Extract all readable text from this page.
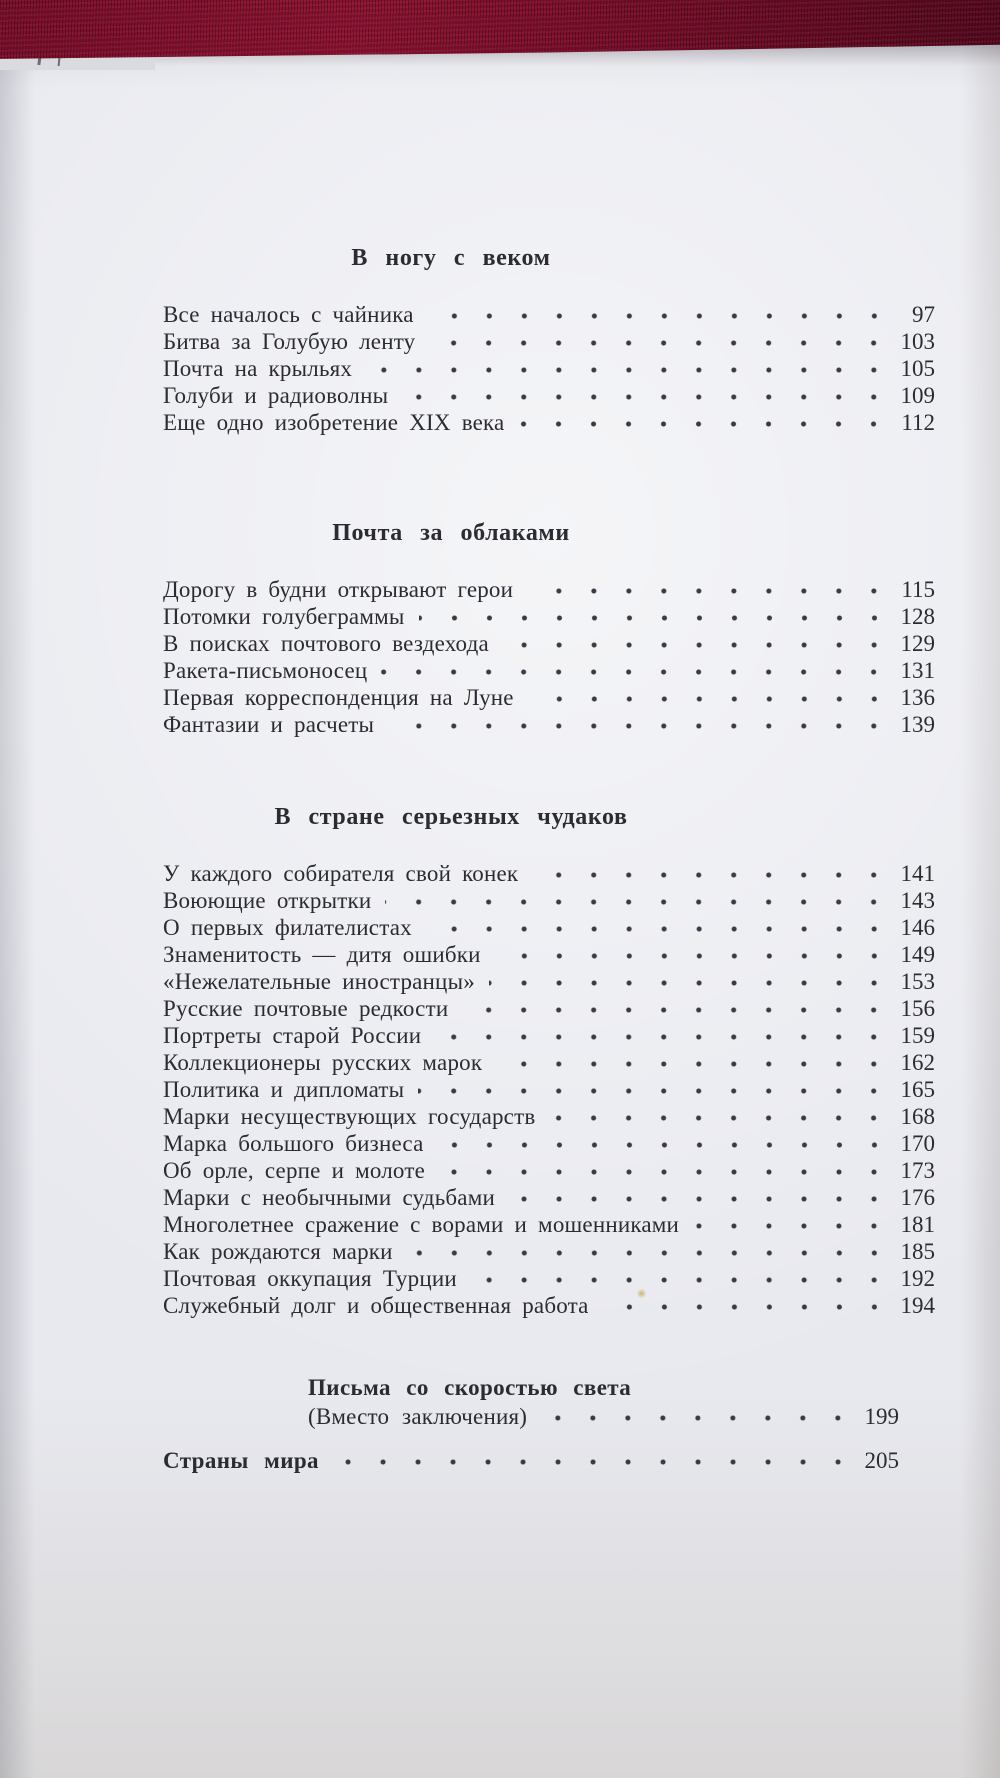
В ногу с веком
Все началось с чайника	97
Битва за Голубую ленту	103
Почта на крыльях	105
Голуби и радиоволны	109
Еще одно изобретение XIX века	112
Почта за облаками
Дорогу в будни открывают герои	115
Потомки голубеграммы	128
В поисках почтового вездехода	129
Ракета-письмоносец	131
Первая корреспонденция на Луне	136
Фантазии и расчеты	139
В стране серьезных чудаков
У каждого собирателя свой конек	141
Воюющие открытки	143
О первых филателистах	146
Знаменитость — дитя ошибки	149
«Нежелательные иностранцы»	153
Русские почтовые редкости	156
Портреты старой России	159
Коллекционеры русских марок	162
Политика и дипломаты	165
Марки несуществующих государств	168
Марка большого бизнеса	170
Об орле, серпе и молоте	173
Марки с необычными судьбами	176
Многолетнее сражение с ворами и мошенниками	181
Как рождаются марки	185
Почтовая оккупация Турции	192
Служебный долг и общественная работа	194
Письма со скоростью света
(Вместо заключения)	199
Страны мира	205
